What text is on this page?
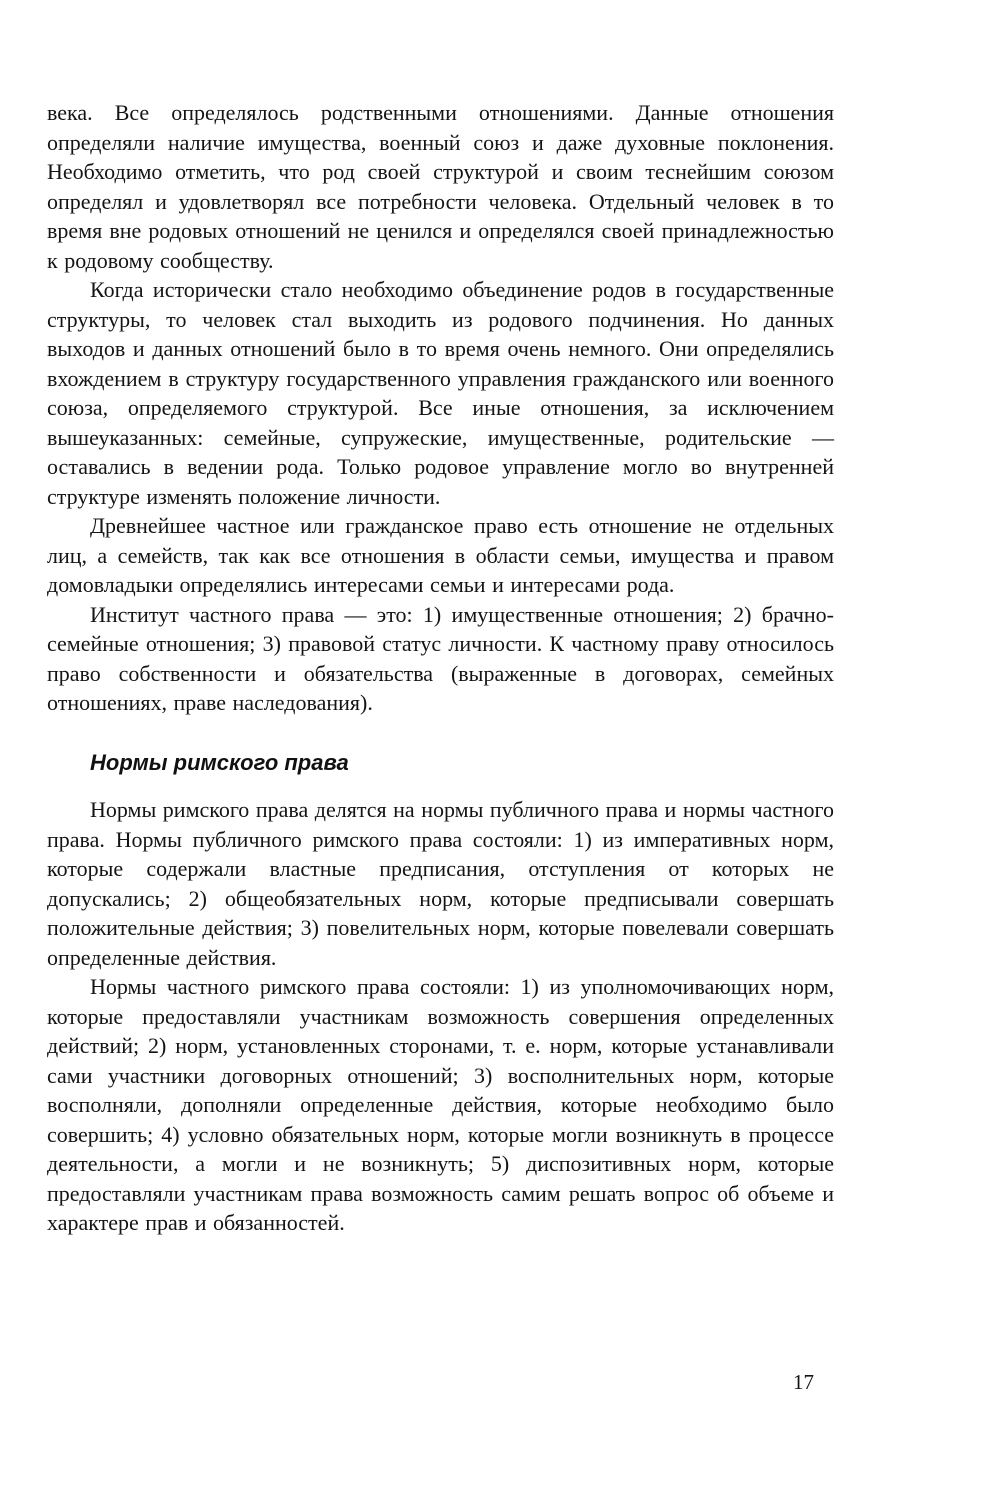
века. Все определялось родственными отношениями. Данные отношения определяли наличие имущества, военный союз и даже духовные поклонения. Необходимо отметить, что род своей структурой и своим теснейшим союзом определял и удовлетворял все потребности человека. Отдельный человек в то время вне родовых отношений не ценился и определялся своей принадлежностью к родовому сообществу.

Когда исторически стало необходимо объединение родов в государственные структуры, то человек стал выходить из родового подчинения. Но данных выходов и данных отношений было в то время очень немного. Они определялись вхождением в структуру государственного управления гражданского или военного союза, определяемого структурой. Все иные отношения, за исключением вышеуказанных: семейные, супружеские, имущественные, родительские — оставались в ведении рода. Только родовое управление могло во внутренней структуре изменять положение личности.

Древнейшее частное или гражданское право есть отношение не отдельных лиц, а семейств, так как все отношения в области семьи, имущества и правом домовладыки определялись интересами семьи и интересами рода.

Институт частного права — это: 1) имущественные отношения; 2) брачно-семейные отношения; 3) правовой статус личности. К частному праву относилось право собственности и обязательства (выраженные в договорах, семейных отношениях, праве наследования).

Нормы римского права

Нормы римского права делятся на нормы публичного права и нормы частного права. Нормы публичного римского права состояли: 1) из императивных норм, которые содержали властные предписания, отступления от которых не допускались; 2) общеобязательных норм, которые предписывали совершать положительные действия; 3) повелительных норм, которые повелевали совершать определенные действия.

Нормы частного римского права состояли: 1) из уполномочивающих норм, которые предоставляли участникам возможность совершения определенных действий; 2) норм, установленных сторонами, т. е. норм, которые устанавливали сами участники договорных отношений; 3) восполнительных норм, которые восполняли, дополняли определенные действия, которые необходимо было совершить; 4) условно обязательных норм, которые могли возникнуть в процессе деятельности, а могли и не возникнуть; 5) диспозитивных норм, которые предоставляли участникам права возможность самим решать вопрос об объеме и характере прав и обязанностей.

17
